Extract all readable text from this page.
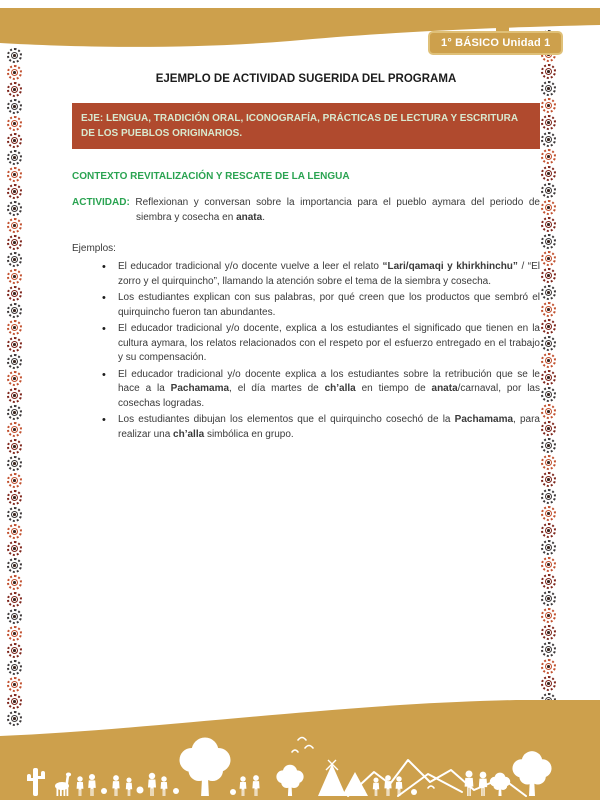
1° BÁSICO Unidad 1
EJEMPLO DE ACTIVIDAD SUGERIDA DEL PROGRAMA
EJE: LENGUA, TRADICIÓN ORAL, ICONOGRAFÍA, PRÁCTICAS DE LECTURA Y ESCRITURA DE LOS PUEBLOS ORIGINARIOS.
CONTEXTO REVITALIZACIÓN Y RESCATE DE LA LENGUA

ACTIVIDAD: Reflexionan y conversan sobre la importancia para el pueblo aymara del periodo de siembra y cosecha en anata.

Ejemplos:

• El educador tradicional y/o docente vuelve a leer el relato “Lari/qamaqi y khirkhinchu” / “El zorro y el quirquincho”, llamando la atención sobre el tema de la siembra y cosecha.
• Los estudiantes explican con sus palabras, por qué creen que los productos que sembró el quirquincho fueron tan abundantes.
• El educador tradicional y/o docente, explica a los estudiantes el significado que tienen en la cultura aymara, los relatos relacionados con el respeto por el esfuerzo entregado en el trabajo y su compensación.
• El educador tradicional y/o docente explica a los estudiantes sobre la retribución que se le hace a la Pachamama, el día martes de ch’alla en tiempo de anata/carnaval, por las cosechas logradas.
• Los estudiantes dibujan los elementos que el quirquincho cosechó de la Pachamama, para realizar una ch’alla simbólica en grupo.
